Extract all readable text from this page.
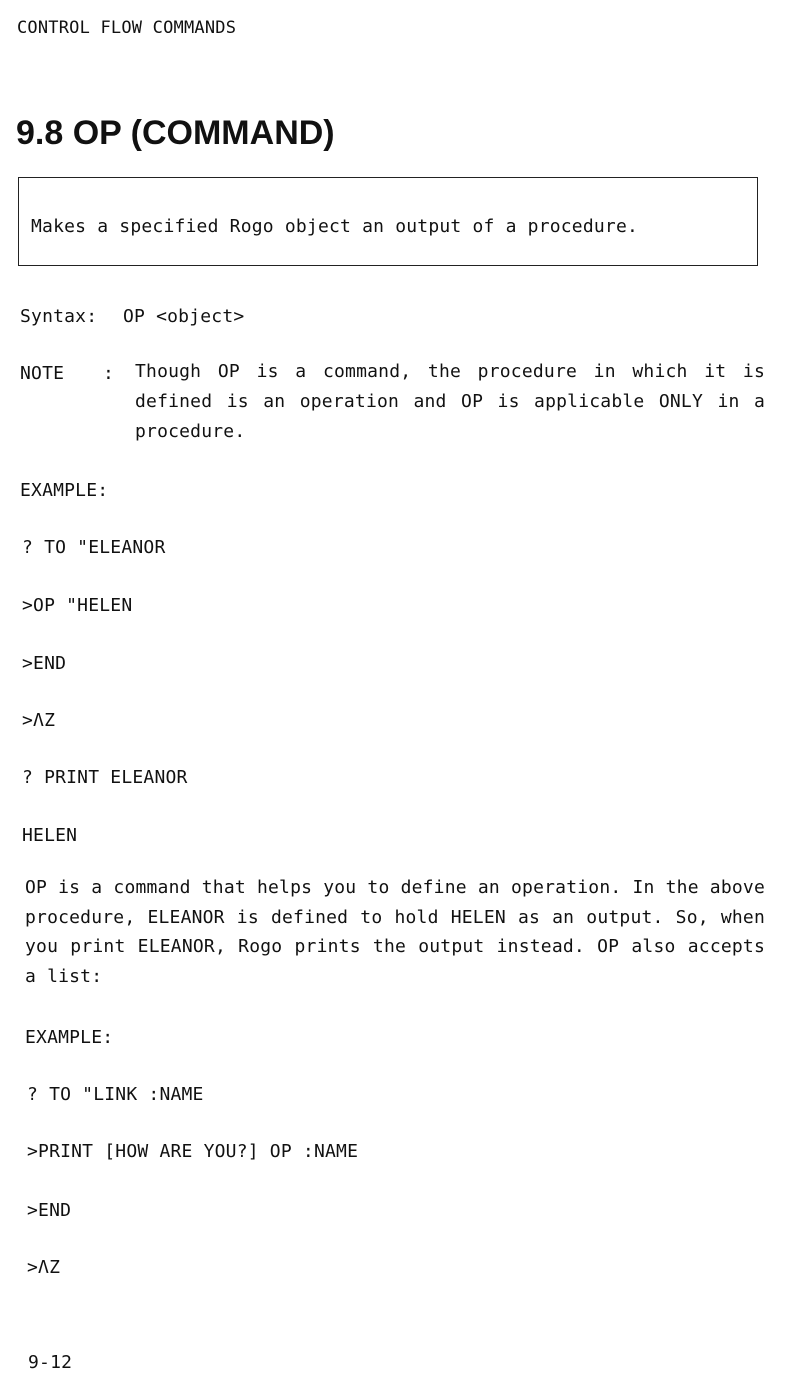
CONTROL FLOW COMMANDS
9.8 OP (COMMAND)
Makes a specified Rogo object an output of a procedure.
Syntax: OP <object>
NOTE : Though OP is a command, the procedure in which it is defined is an operation and OP is applicable ONLY in a procedure.
EXAMPLE:
? TO "ELEANOR
>OP "HELEN
>END
>ΛZ
? PRINT ELEANOR
HELEN
OP is a command that helps you to define an operation. In the above procedure, ELEANOR is defined to hold HELEN as an output. So, when you print ELEANOR, Rogo prints the output instead. OP also accepts a list:
EXAMPLE:
? TO "LINK :NAME
>PRINT [HOW ARE YOU?] OP :NAME
>END
>ΛZ
9-12
